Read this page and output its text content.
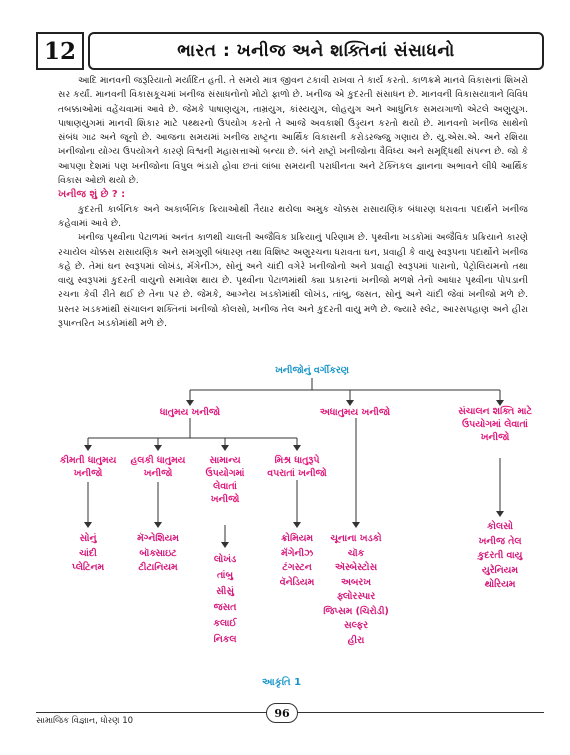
12	ભારત : ખનીજ અને શક્તિનાં સંસાધનો

આદિ માનવની જરૂરિયાતો મર્યાદિત હતી. તે સમયે માત્ર જીવન ટકાવી રાખવા તે કાર્ય કરતો. કાળક્રમે માનવે વિકાસનાં શિખરો સર કર્યાં. માનવની વિકાસકૂચમાં ખનીજ સંસાધનોનો મોટો ફાળો છે. ખનીજ એ કુદરતી સંસાધન છે. માનવની વિકાસયાત્રાને વિવિધ તબક્કાઓમાં વહેંચવામાં આવે છે. જેમકે પાષાણયુગ, તામ્રયુગ, કાંસ્યયુગ, લોહયુગ અને આધુનિક સમયગાળો એટલે અણુયુગ. પાષાણયુગમાં માનવી શિકાર માટે પથ્થરનો ઉપયોગ કરતો તે આજે અવકાશી ઉડ્ડયન કરતો થયો છે. માનવનો ખનીજ સાથેનો સંબંધ ગાઢ અને જૂનો છે. આજના સમયમાં ખનીજ રાષ્ટ્રના આર્થિક વિકાસની કરોડરજ્જુ ગણાય છે. યુ.એસ.એ. અને રશિયા ખનીજોના યોગ્ય ઉપયોગને કારણે વિશ્વની મહાસત્તાઓ બન્યા છે. બંને રાષ્ટ્રો ખનીજોના વૈવિધ્ય અને સમૃદ્ધિથી સંપન્ન છે. જો કે આપણા દેશમાં પણ ખનીજોના વિપુલ ભંડારો હોવા છતાં લાંબા સમયની પરાધીનતા અને ટૅક્નિકલ જ્ઞાનના અભાવને લીધે આર્થિક વિકાસ ઓછો થયો છે.

ખનીજ શું છે ? :

કુદરતી કાર્બનિક અને અકાર્બનિક ક્રિયાઓથી તૈયાર થયેલા અમુક ચોક્કસ રાસાયણિક બંધારણ ધરાવતા પદાર્થને ખનીજ કહેવામાં આવે છે.

ખનીજ પૃથ્વીના પેટાળમાં અનંત કાળથી ચાલતી અજૈવિક પ્રક્રિયાનું પરિણામ છે. પૃથ્વીના ખડકોમાં અજૈવિક પ્રક્રિયાને કારણે રચાયેલ ચોક્કસ રાસાયણિક અને સમગુણી બંધારણ તથા વિશિષ્ટ અણુરચના ધરાવતા ઘન, પ્રવાહી કે વાયુ સ્વરૂપના પદાર્થોને ખનીજ કહે છે. તેમાં ઘન સ્વરૂપમાં લોખંડ, મૅંગેનીઝ, સોનું અને ચાંદી વગેરે ખનીજોનો અને પ્રવાહી સ્વરૂપમાં પારાનો, પેટ્રોલિયમનો તથા વાયુ સ્વરૂપમાં કુદરતી વાયુનો સમાવેશ થાય છે. પૃથ્વીના પેટાળમાંથી ક્યા પ્રકારનાં ખનીજો મળશે તેનો આધાર પૃથ્વીના પોપડાની રચના કેવી રીતે થઈ છે તેના પર છે. જેમકે, આગ્નેય ખડકોમાંથી લોખંડ, તાંબુ, જસત, સોનું અને ચાંદી જેવાં ખનીજો મળે છે. પ્રસ્તર ખડકમાંથી સંચાલન શક્તિનાં ખનીજો કોલસો, ખનીજ તેલ અને કુદરતી વાયુ મળે છે. જ્યારે સ્લેટ, આરસપહાણ અને હીરા રૂપાન્તરિત ખડકોમાંથી મળે છે.

ખનીજોનું વર્ગીકરણ
ધાતુમય ખનીજો	અધાતુમય ખનીજો	સંચાલન શક્તિ માટે
ઉપયોગમાં લેવાતાં
ખનીજો
કીમતી ધાતુમય
ખનીજો
હલકી ધાતુમય
ખનીજો
સામાન્ય
ઉપયોગમાં
લેવાતાં
ખનીજો
મિશ્ર ધાતુરૂપે
વપરાતાં ખનીજો
સોનું
ચાંદી
પ્લેટિનમ
મૅગ્નેશિયમ
બૉક્સાઇટ
ટીટાનિયમ
લોખંડ
તાંબુ
સીસું
જસત
કલાઈ
નિકલ
ક્રોમિયમ
મૅંગેનીઝ
ટંગસ્ટન
વૅનેડિયમ
ચૂનાના ખડકો
ચૉક
ઍસ્બેસ્ટોસ
અબરખ
ફ્લોરસ્પાર
જિપ્સમ (ચિરોડી)
સલ્ફર
હીરા
કોલસો
ખનીજ તેલ
કુદરતી વાયુ
યુરેનિયમ
થોરિયમ
આકૃતિ 1
96
સામાજિક વિજ્ઞાન, ધોરણ 10
